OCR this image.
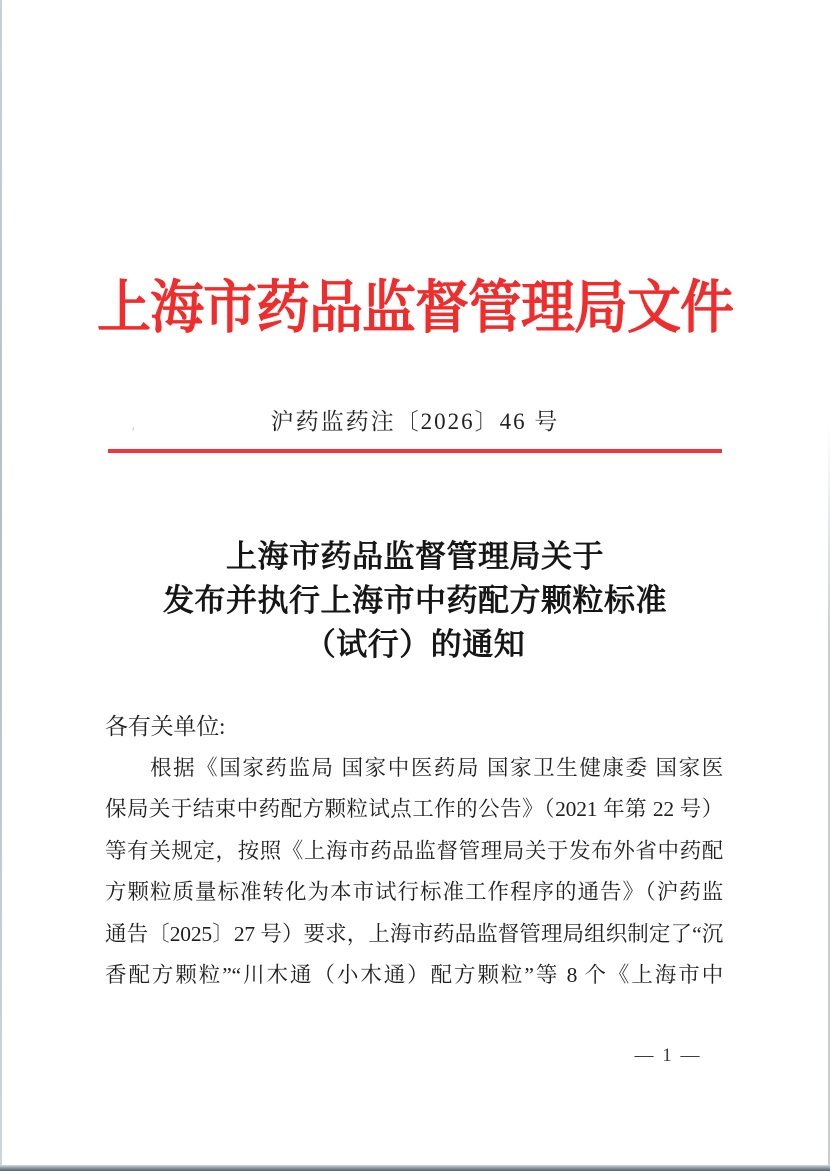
上海市药品监督管理局文件
沪药监药注〔2026〕46 号
’
上海市药品监督管理局关于
发布并执行上海市中药配方颗粒标准
（试行）的通知
各有关单位:
根据《国家药监局 国家中医药局 国家卫生健康委 国家医
保局关于结束中药配方颗粒试点工作的公告》（2021 年第 22 号）
等有关规定，按照《上海市药品监督管理局关于发布外省中药配
方颗粒质量标准转化为本市试行标准工作程序的通告》（沪药监
通告〔2025〕27 号）要求，上海市药品监督管理局组织制定了“沉
香配方颗粒”“川木通（小木通）配方颗粒”等 8 个《上海市中
— 1 —
